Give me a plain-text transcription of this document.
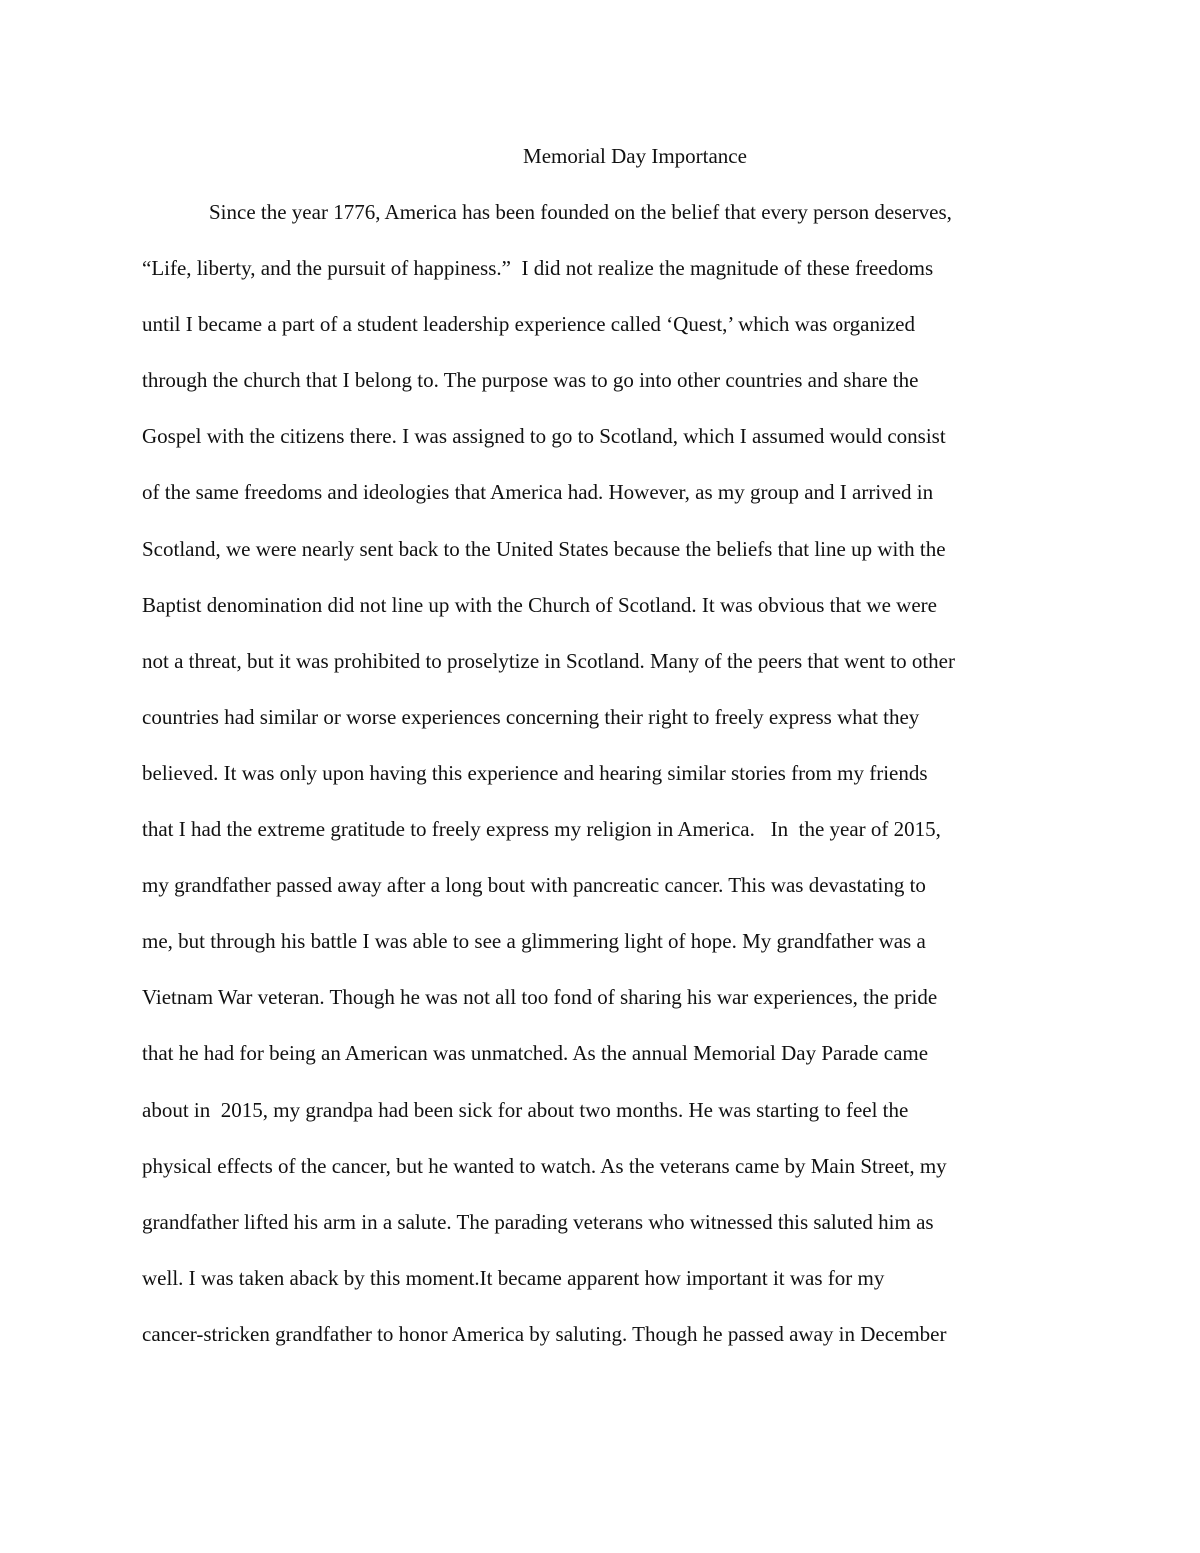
Memorial Day Importance
Since the year 1776, America has been founded on the belief that every person deserves,
“Life, liberty, and the pursuit of happiness.”  I did not realize the magnitude of these freedoms
until I became a part of a student leadership experience called ‘Quest,’ which was organized
through the church that I belong to. The purpose was to go into other countries and share the
Gospel with the citizens there. I was assigned to go to Scotland, which I assumed would consist
of the same freedoms and ideologies that America had. However, as my group and I arrived in
Scotland, we were nearly sent back to the United States because the beliefs that line up with the
Baptist denomination did not line up with the Church of Scotland. It was obvious that we were
not a threat, but it was prohibited to proselytize in Scotland. Many of the peers that went to other
countries had similar or worse experiences concerning their right to freely express what they
believed. It was only upon having this experience and hearing similar stories from my friends
that I had the extreme gratitude to freely express my religion in America.   In  the year of 2015,
my grandfather passed away after a long bout with pancreatic cancer. This was devastating to
me, but through his battle I was able to see a glimmering light of hope. My grandfather was a
Vietnam War veteran. Though he was not all too fond of sharing his war experiences, the pride
that he had for being an American was unmatched. As the annual Memorial Day Parade came
about in  2015, my grandpa had been sick for about two months. He was starting to feel the
physical effects of the cancer, but he wanted to watch. As the veterans came by Main Street, my
grandfather lifted his arm in a salute. The parading veterans who witnessed this saluted him as
well. I was taken aback by this moment.It became apparent how important it was for my
cancer-stricken grandfather to honor America by saluting. Though he passed away in December
